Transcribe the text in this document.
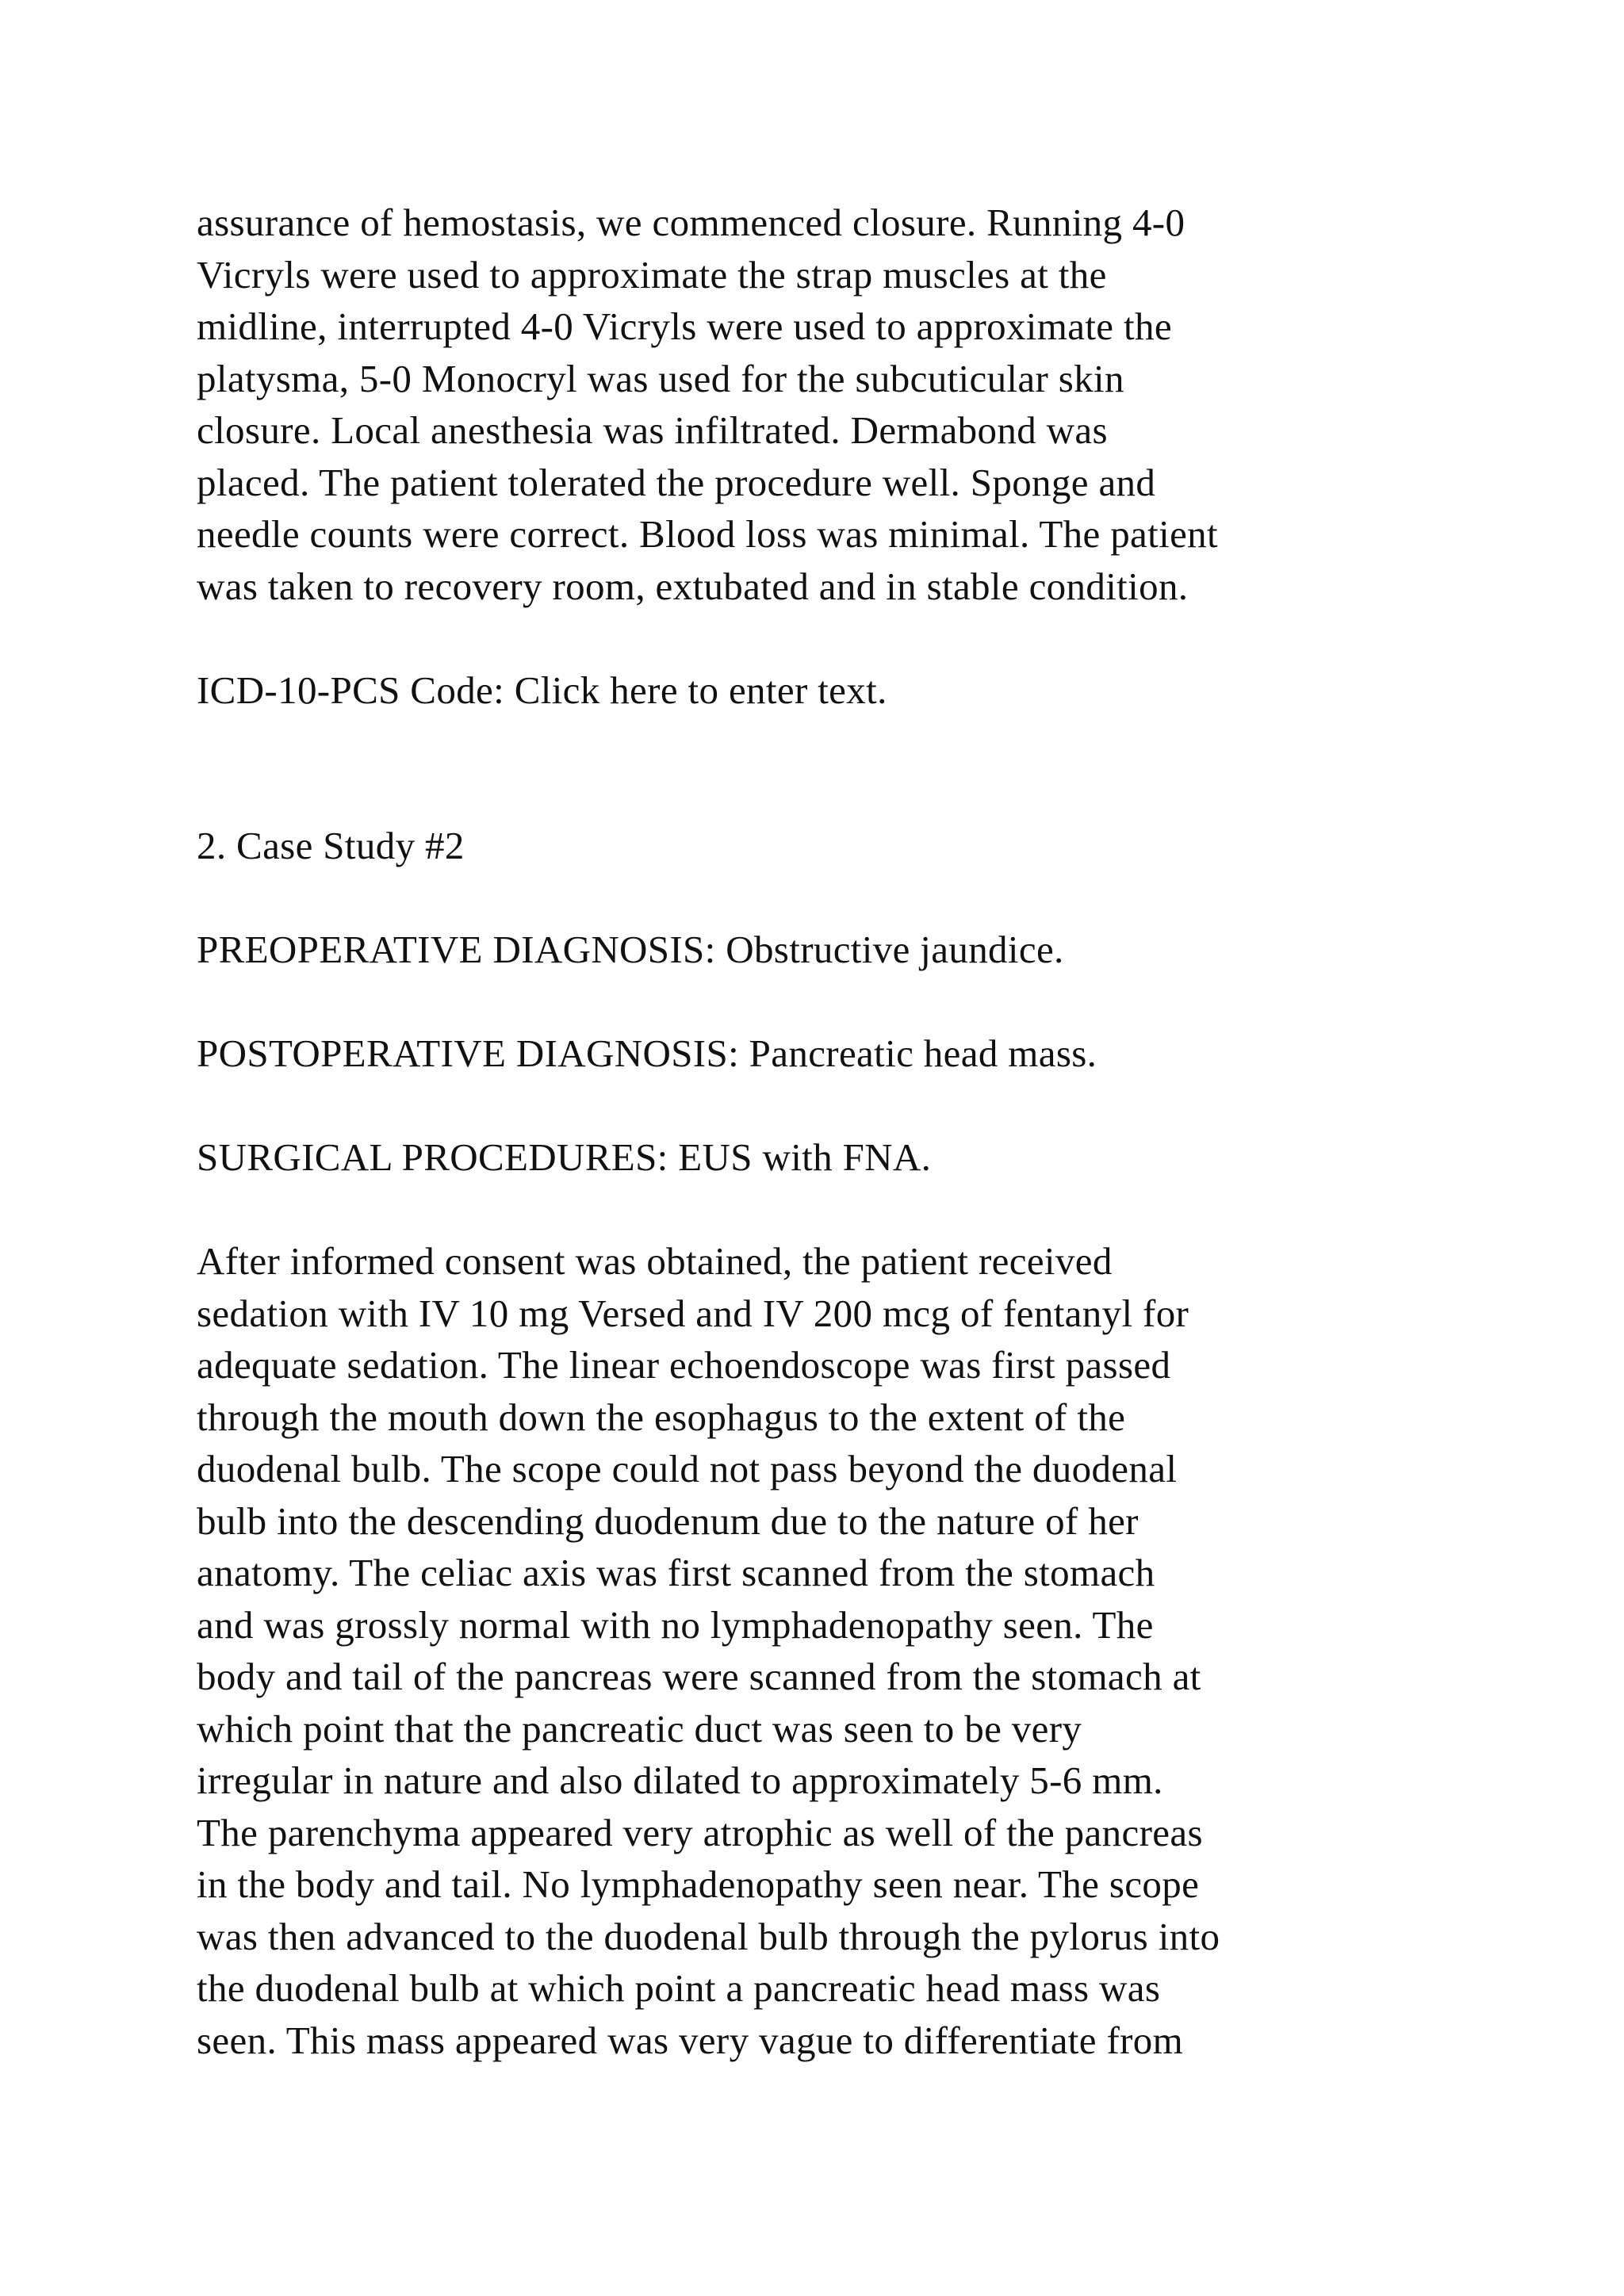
assurance of hemostasis, we commenced closure. Running 4-0
Vicryls were used to approximate the strap muscles at the
midline, interrupted 4-0 Vicryls were used to approximate the
platysma, 5-0 Monocryl was used for the subcuticular skin
closure. Local anesthesia was infiltrated. Dermabond was
placed. The patient tolerated the procedure well. Sponge and
needle counts were correct. Blood loss was minimal. The patient
was taken to recovery room, extubated and in stable condition.
ICD-10-PCS Code: Click here to enter text.
2. Case Study #2
PREOPERATIVE DIAGNOSIS: Obstructive jaundice.
POSTOPERATIVE DIAGNOSIS: Pancreatic head mass.
SURGICAL PROCEDURES: EUS with FNA.
After informed consent was obtained, the patient received
sedation with IV 10 mg Versed and IV 200 mcg of fentanyl for
adequate sedation. The linear echoendoscope was first passed
through the mouth down the esophagus to the extent of the
duodenal bulb. The scope could not pass beyond the duodenal
bulb into the descending duodenum due to the nature of her
anatomy. The celiac axis was first scanned from the stomach
and was grossly normal with no lymphadenopathy seen. The
body and tail of the pancreas were scanned from the stomach at
which point that the pancreatic duct was seen to be very
irregular in nature and also dilated to approximately 5-6 mm.
The parenchyma appeared very atrophic as well of the pancreas
in the body and tail. No lymphadenopathy seen near. The scope
was then advanced to the duodenal bulb through the pylorus into
the duodenal bulb at which point a pancreatic head mass was
seen. This mass appeared was very vague to differentiate from
